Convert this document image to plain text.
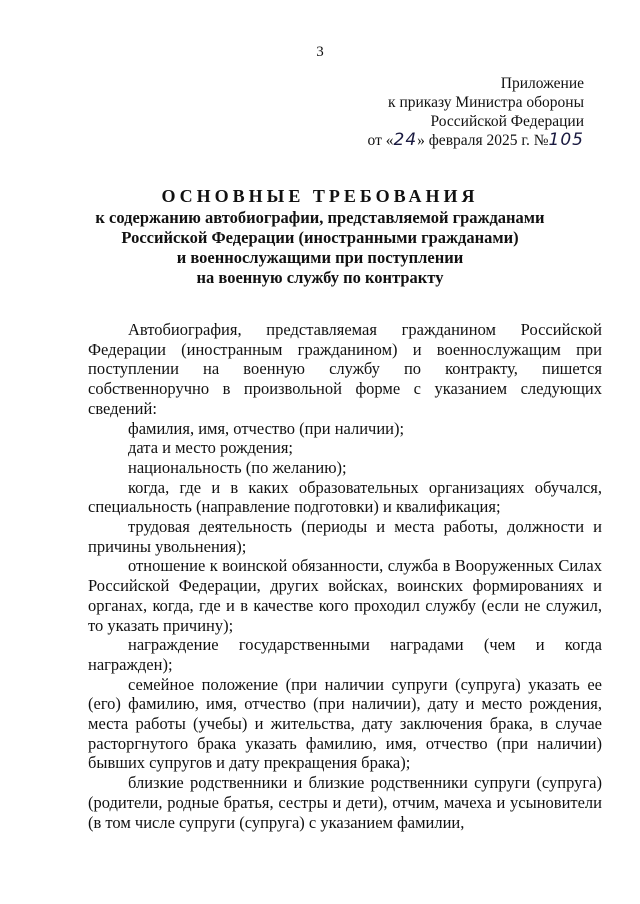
3
Приложение
к приказу Министра обороны
Российской Федерации
от «24» февраля 2025 г. №105
ОСНОВНЫЕ ТРЕБОВАНИЯ
к содержанию автобиографии, представляемой гражданами
Российской Федерации (иностранными гражданами)
и военнослужащими при поступлении
на военную службу по контракту

Автобиография, представляемая гражданином Российской Федерации (иностранным гражданином) и военнослужащим при поступлении на военную службу по контракту, пишется собственноручно в произвольной форме с указанием следующих сведений:

фамилия, имя, отчество (при наличии);

дата и место рождения;

национальность (по желанию);

когда, где и в каких образовательных организациях обучался, специальность (направление подготовки) и квалификация;

трудовая деятельность (периоды и места работы, должности и причины увольнения);

отношение к воинской обязанности, служба в Вооруженных Силах Российской Федерации, других войсках, воинских формированиях и органах, когда, где и в качестве кого проходил службу (если не служил, то указать причину);

награждение государственными наградами (чем и когда награжден);

семейное положение (при наличии супруги (супруга) указать ее (его) фамилию, имя, отчество (при наличии), дату и место рождения, места работы (учебы) и жительства, дату заключения брака, в случае расторгнутого брака указать фамилию, имя, отчество (при наличии) бывших супругов и дату прекращения брака);

близкие родственники и близкие родственники супруги (супруга) (родители, родные братья, сестры и дети), отчим, мачеха и усыновители (в том числе супруги (супруга) с указанием фамилии,
